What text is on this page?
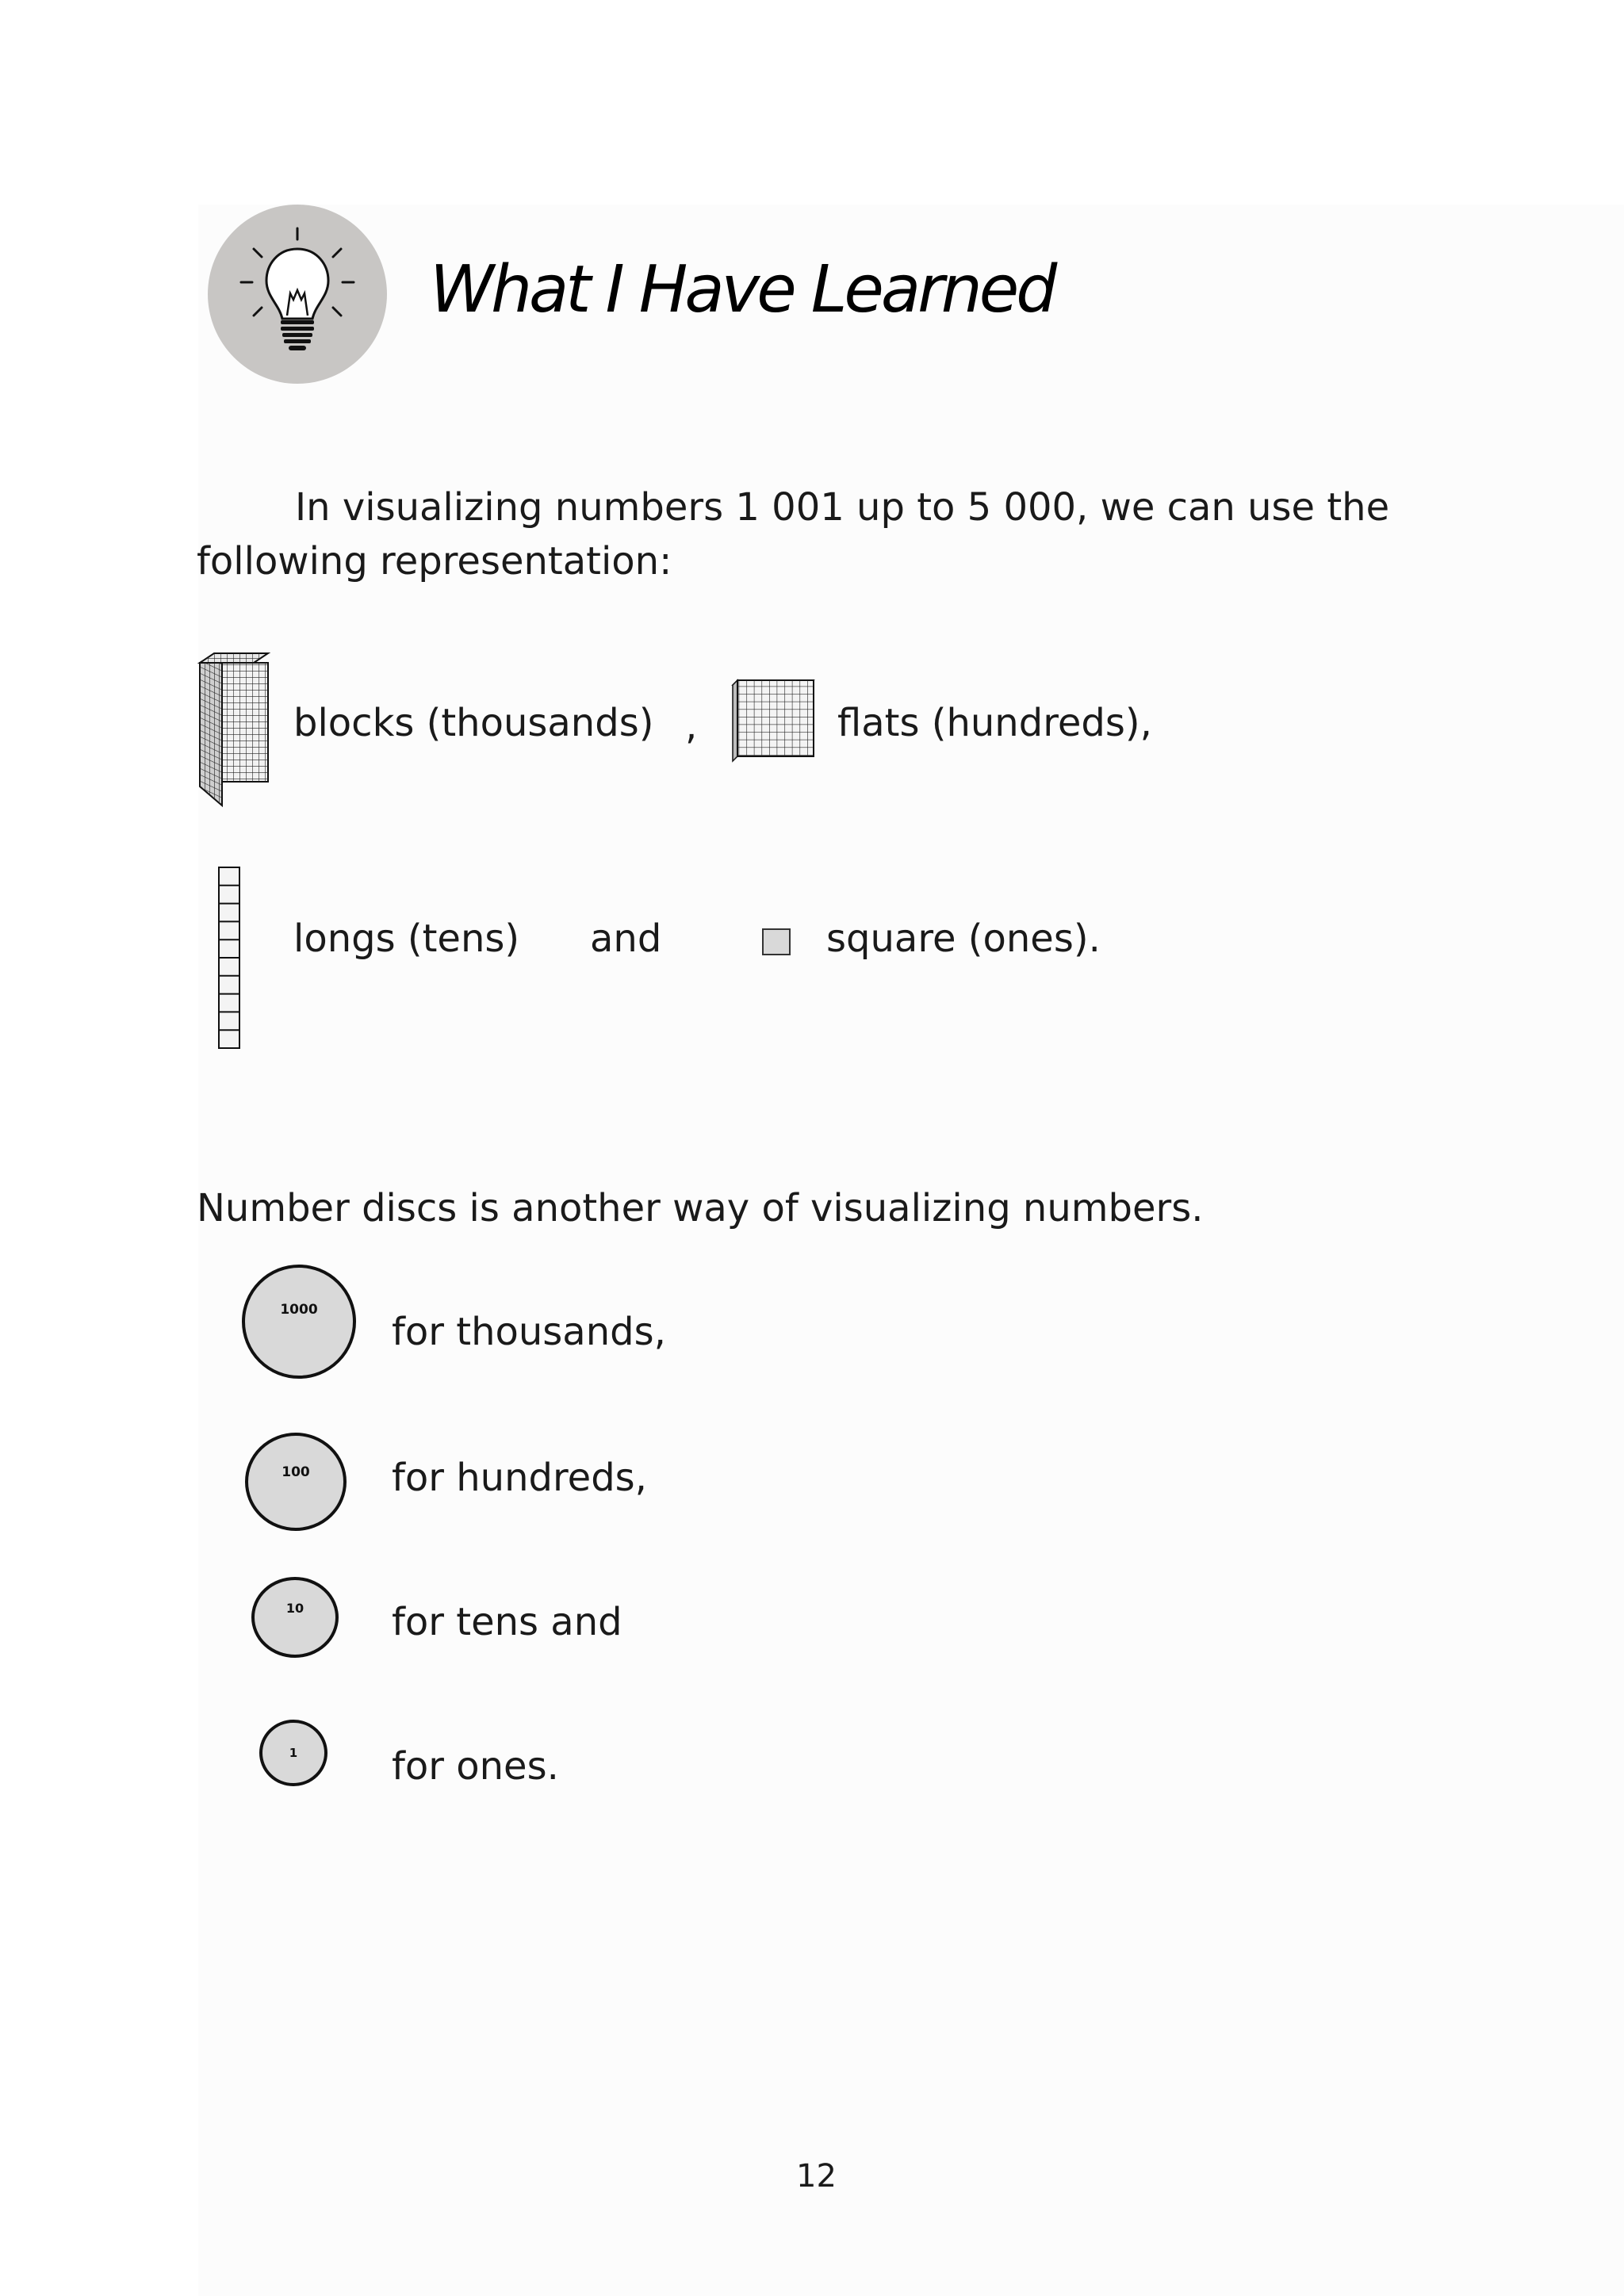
What I Have Learned
In visualizing numbers 1 001 up to 5 000, we can use the
following representation:
blocks (thousands) ,	flats (hundreds),
longs (tens) and	square (ones).
Number discs is another way of visualizing numbers.
1000 for thousands,
100 for hundreds,
10 for tens and
1 for ones.
12
